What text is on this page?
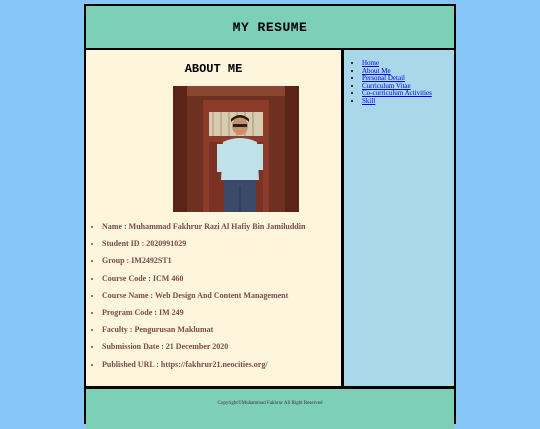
MY RESUME
ABOUT ME
• Name : Muhammad Fakhrur Razi Al Hafiy Bin Jamiluddin
• Student ID : 2020991029
• Group : IM2492ST1
• Course Code : ICM 460
• Course Name : Web Design And Content Management
• Program Code : IM 249
• Faculty : Pengurusan Maklumat
• Submission Date : 21 December 2020
• Published URL : https://fakhrur21.neocities.org/
• Home
• About Me
• Personal Detail
• Curriculum Vitae
• Co-curriculum Activities
• Skill
Copyright©Muhammad Fakhrur All Right Reserved
